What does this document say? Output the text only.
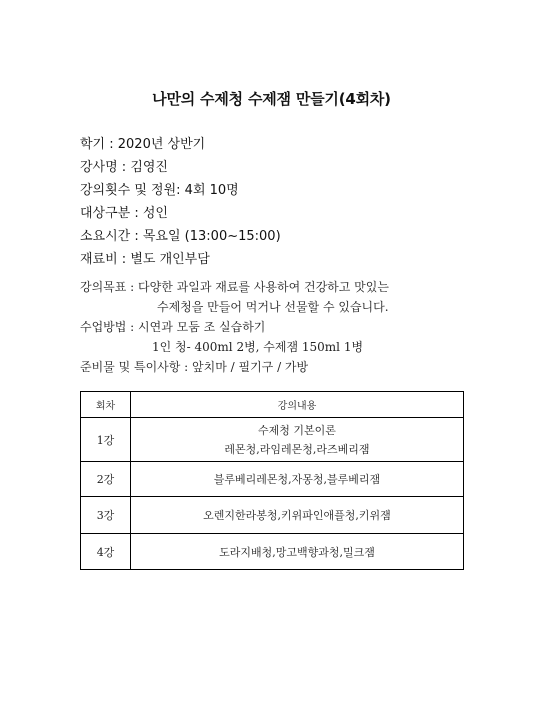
나만의 수제청 수제잼 만들기(4회차)
학기 : 2020년 상반기
강사명 : 김영진
강의횟수 및 정원: 4회 10명
대상구분 : 성인
소요시간 : 목요일 (13:00~15:00)
재료비 : 별도 개인부담
강의목표 : 다양한 과일과 재료를 사용하여 건강하고 맛있는
수제청을 만들어 먹거나 선물할 수 있습니다.
수업방법 : 시연과 모둠 조 실습하기
1인 청- 400ml 2병, 수제잼 150ml 1병
준비물 및 특이사항 : 앞치마 / 필기구 / 가방
회차	강의내용
1강	수제청 기본이론
레몬청,라임레몬청,라즈베리잼

2강	블루베리레몬청,자몽청,블루베리잼
3강	오렌지한라봉청,키위파인애플청,키위잼
4강	도라지배청,망고백향과청,밀크잼
